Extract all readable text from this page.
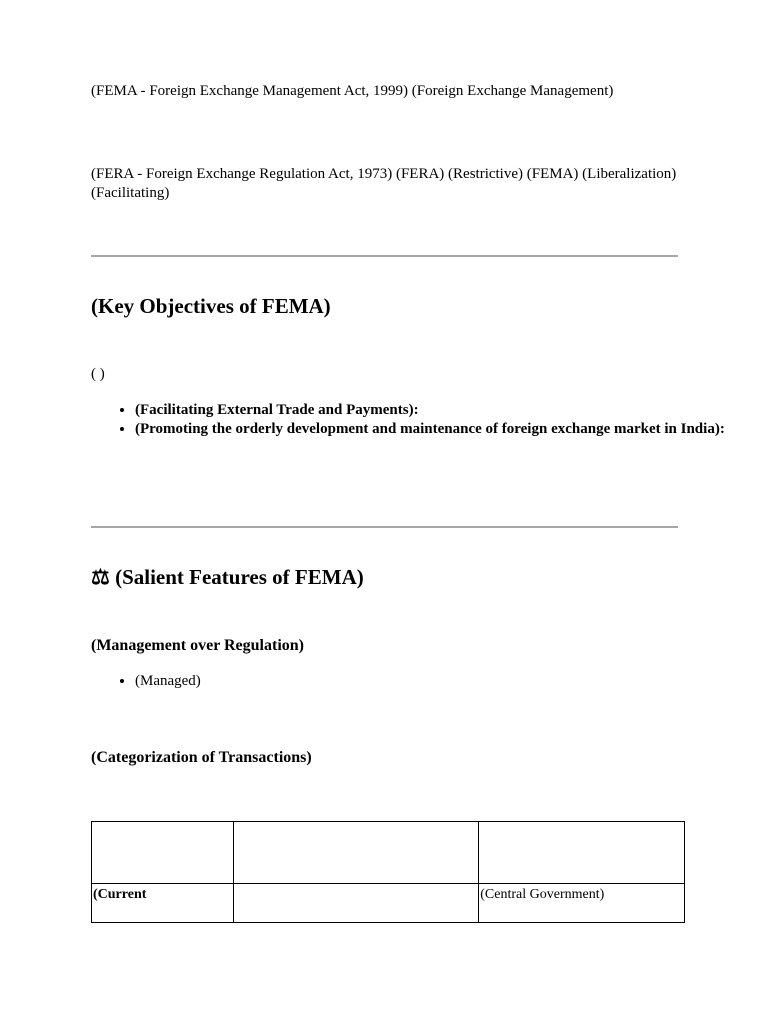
(FEMA - Foreign Exchange Management Act, 1999) (Foreign Exchange Management)

(FERA - Foreign Exchange Regulation Act, 1973) (FERA) (Restrictive) (FEMA) (Liberalization) (Facilitating)

(Key Objectives of FEMA)

( )

• (Facilitating External Trade and Payments):
• (Promoting the orderly development and maintenance of foreign exchange market in India):
⚖ (Salient Features of FEMA)
(Management over Regulation)
• (Managed)
(Categorization of Transactions)

(Current		(Central Government)
